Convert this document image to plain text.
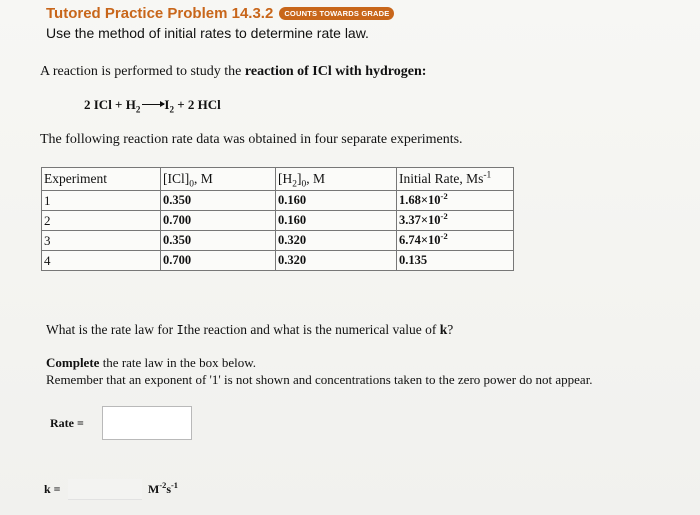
Tutored Practice Problem 14.3.2 COUNTS TOWARDS GRADE
Use the method of initial rates to determine rate law.
A reaction is performed to study the reaction of ICl with hydrogen:
2 ICl + $H_2 \to I_2 + 2$ HCl
The following reaction rate data was obtained in four separate experiments.
Experiment	$[ICl]_0$, M	$[H_2]_0$, M	Initial Rate, $Ms^{-1}$
1	0.350	0.160	$1.68\times 10^{-2}$
2	0.700	0.160	$3.37\times 10^{-2}$
3	0.350	0.320	$6.74\times 10^{-2}$
4	0.700	0.320	0.135
What is the rate law for Ithe reaction and what is the numerical value of k?
Complete the rate law in the box below.
Remember that an exponent of '1' is not shown and concentrations taken to the zero power do not appear.
Rate =
k =	$M^{-2}s^{-1}$
